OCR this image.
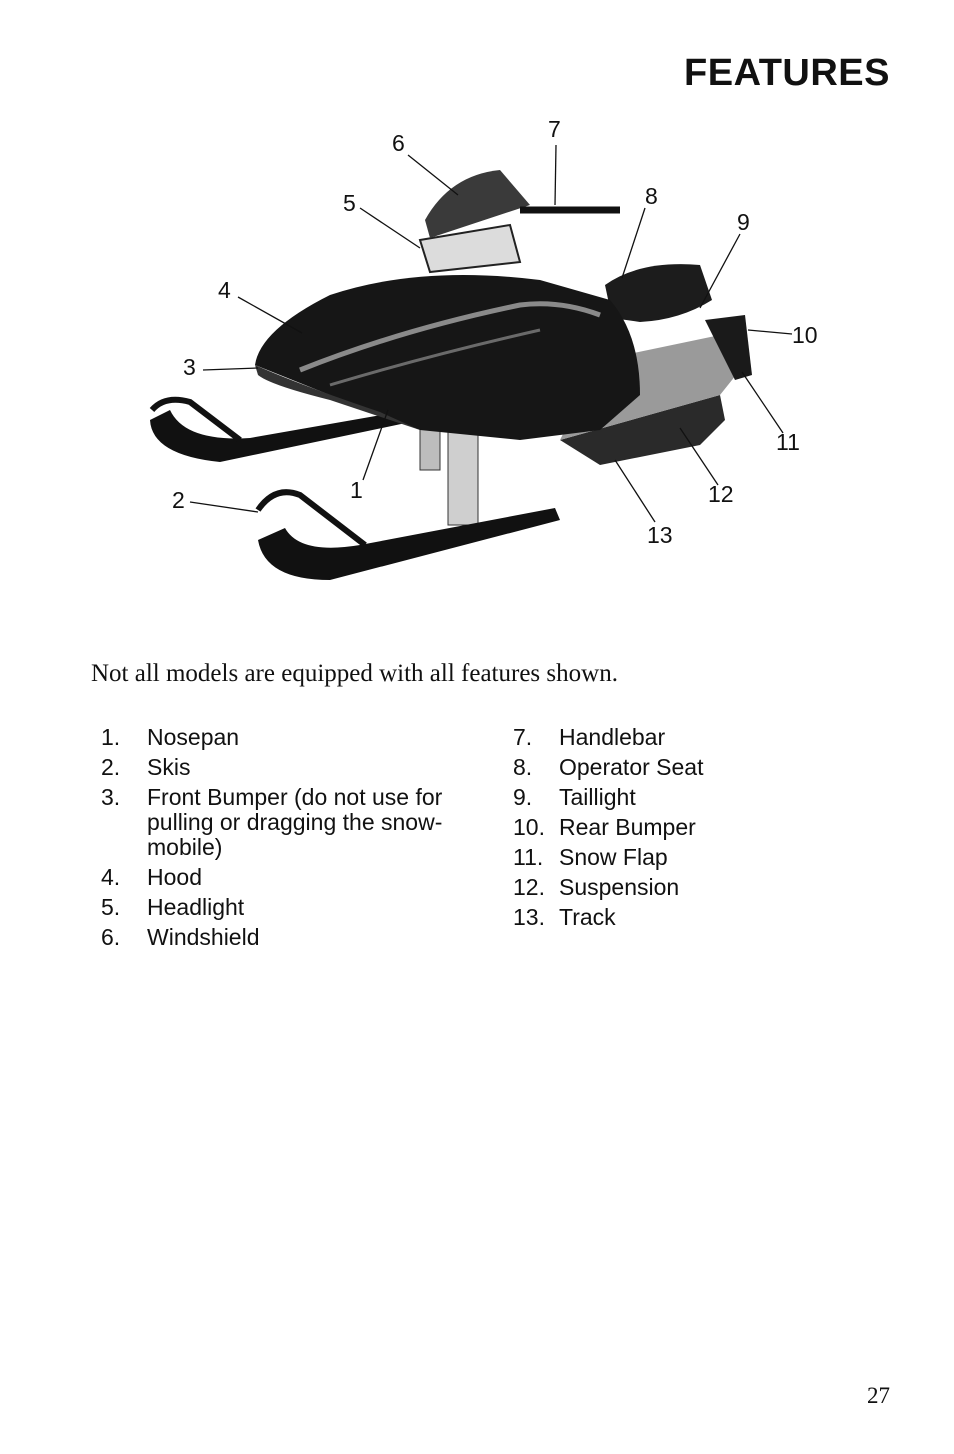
FEATURES
1
2
3
4
5
6
7
8
9
10
11
12
13

Not all models are equipped with all features shown.

1.	Nosepan
2.	Skis
3.	Front Bumper (do not use for pulling or dragging the snow-mobile)
4.	Hood
5.	Headlight
6.	Windshield
7.	Handlebar
8.	Operator Seat
9.	Taillight
10. Rear Bumper
11. Snow Flap
12. Suspension
13. Track

27
